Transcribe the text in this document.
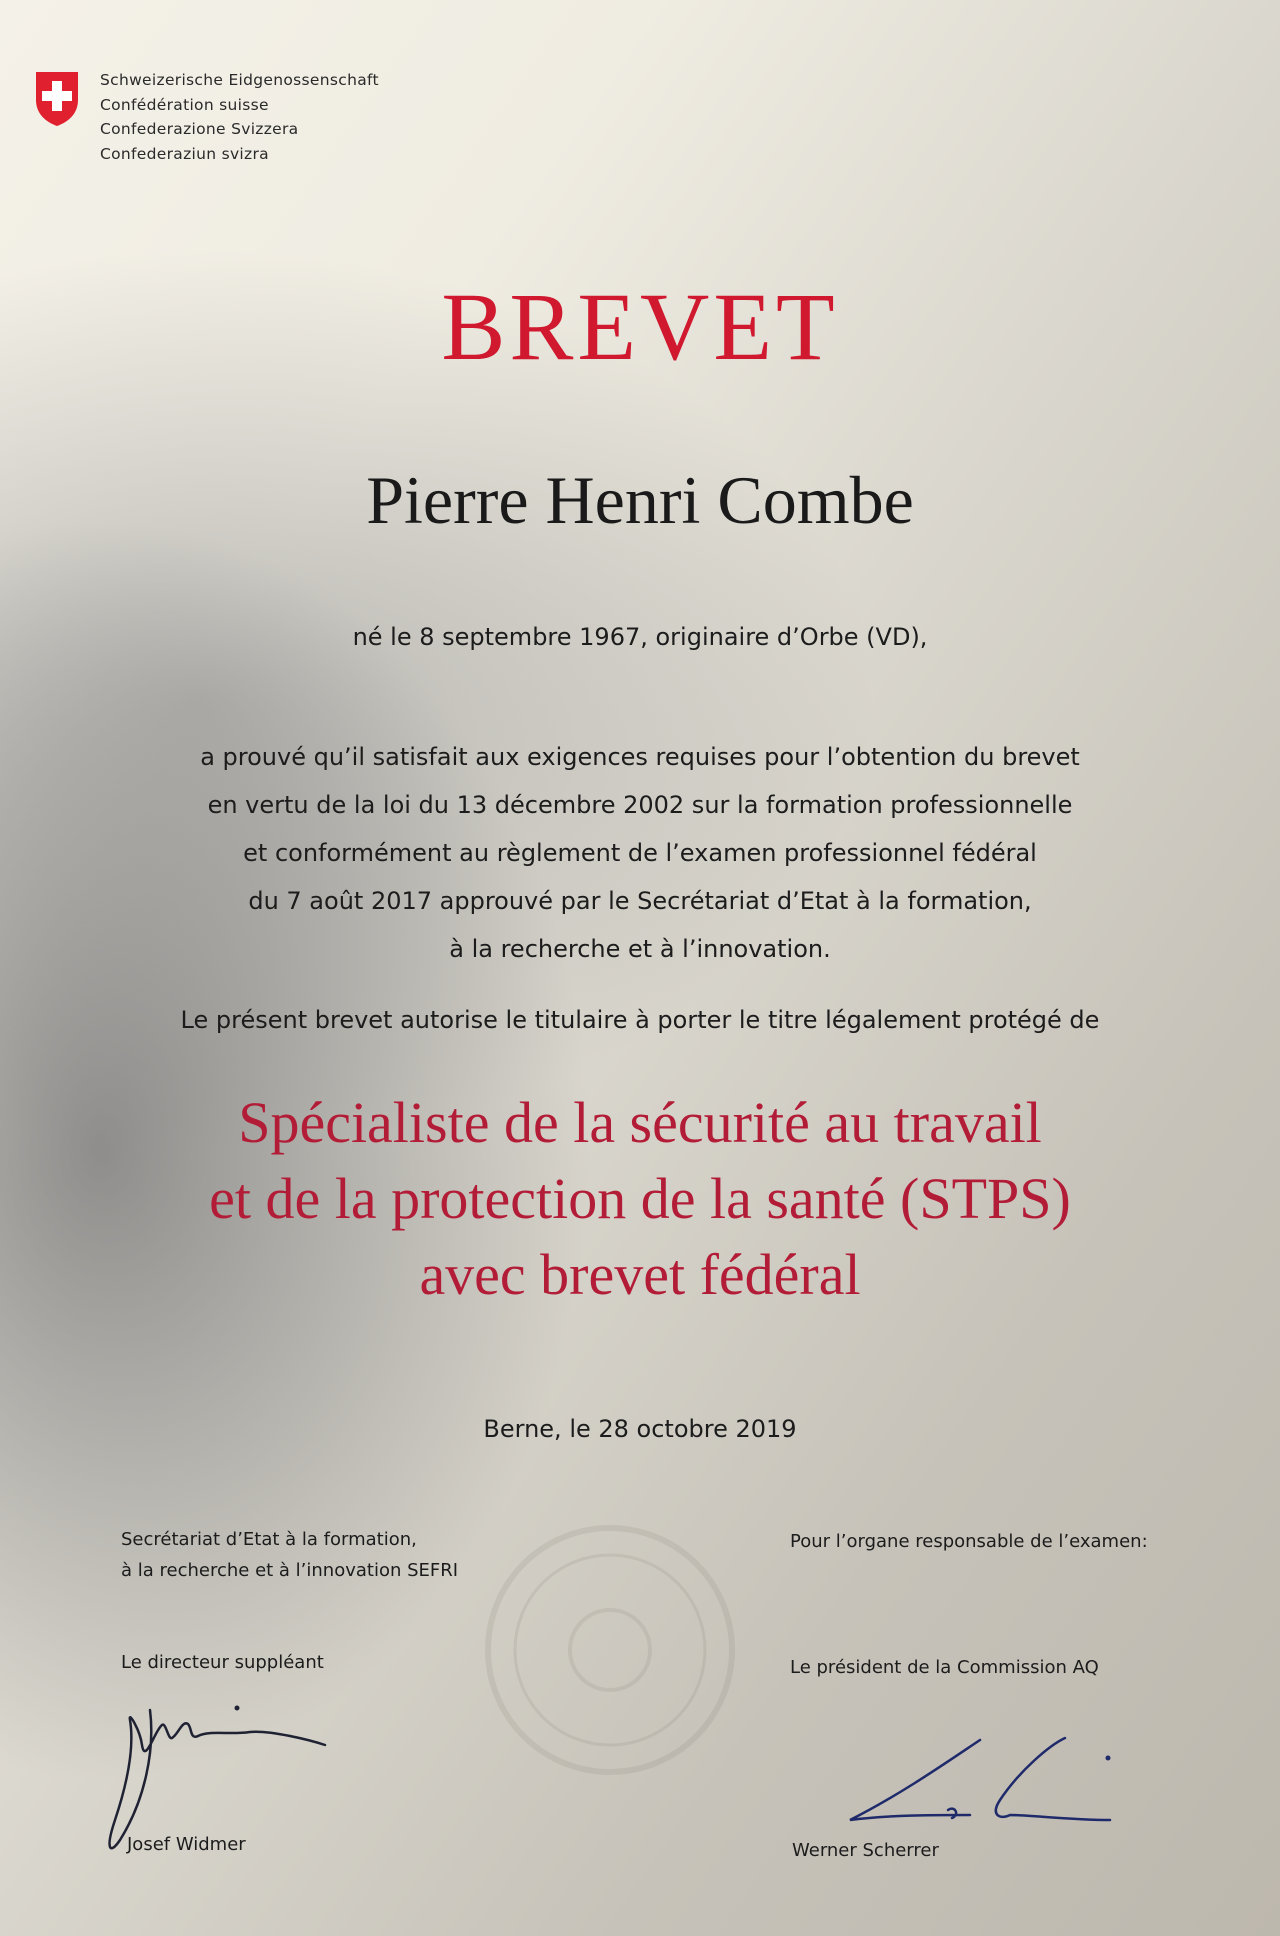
Schweizerische Eidgenossenschaft
Confédération suisse
Confederazione Svizzera
Confederaziun svizra
BREVET
Pierre Henri Combe
né le 8 septembre 1967, originaire d’Orbe (VD),
a prouvé qu’il satisfait aux exigences requises pour l’obtention du brevet
en vertu de la loi du 13 décembre 2002 sur la formation professionnelle
et conformément au règlement de l’examen professionnel fédéral
du 7 août 2017 approuvé par le Secrétariat d’Etat à la formation,
à la recherche et à l’innovation.
Le présent brevet autorise le titulaire à porter le titre légalement protégé de
Spécialiste de la sécurité au travail
et de la protection de la santé (STPS)
avec brevet fédéral
Berne, le 28 octobre 2019
Secrétariat d’Etat à la formation,
à la recherche et à l’innovation SEFRI
Le directeur suppléant
Josef Widmer
Pour l’organe responsable de l’examen:
Le président de la Commission AQ
Werner Scherrer
